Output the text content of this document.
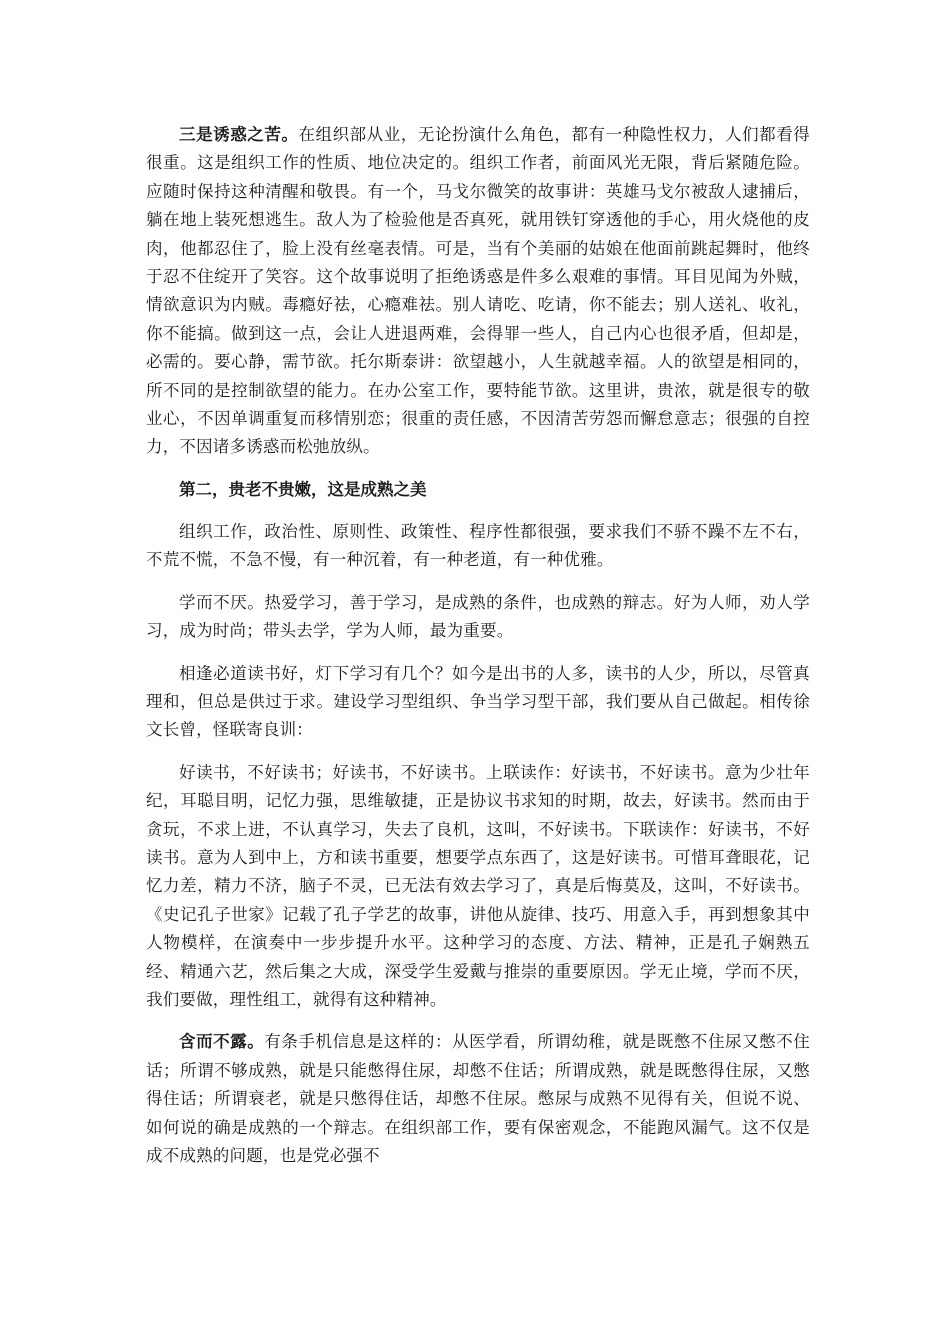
三是诱惑之苦。在组织部从业，无论扮演什么角色，都有一种隐性权力，人们都看得很重。这是组织工作的性质、地位决定的。组织工作者，前面风光无限，背后紧随危险。应随时保持这种清醒和敬畏。有一个，马戈尔微笑的故事讲：英雄马戈尔被敌人逮捕后，躺在地上装死想逃生。敌人为了检验他是否真死，就用铁钉穿透他的手心，用火烧他的皮肉，他都忍住了，脸上没有丝毫表情。可是，当有个美丽的姑娘在他面前跳起舞时，他终于忍不住绽开了笑容。这个故事说明了拒绝诱惑是件多么艰难的事情。耳目见闻为外贼，情欲意识为内贼。毒瘾好祛，心瘾难祛。别人请吃、吃请，你不能去；别人送礼、收礼，你不能搞。做到这一点，会让人进退两难，会得罪一些人，自己内心也很矛盾，但却是，必需的。要心静，需节欲。托尔斯泰讲：欲望越小，人生就越幸福。人的欲望是相同的，所不同的是控制欲望的能力。在办公室工作，要特能节欲。这里讲，贵浓，就是很专的敬业心，不因单调重复而移情别恋；很重的责任感，不因清苦劳怨而懈怠意志；很强的自控力，不因诸多诱惑而松弛放纵。

第二，贵老不贵嫩，这是成熟之美

组织工作，政治性、原则性、政策性、程序性都很强，要求我们不骄不躁不左不右，不荒不慌，不急不慢，有一种沉着，有一种老道，有一种优雅。

学而不厌。热爱学习，善于学习，是成熟的条件，也成熟的辩志。好为人师，劝人学习，成为时尚；带头去学，学为人师，最为重要。

相逢必道读书好，灯下学习有几个？如今是出书的人多，读书的人少，所以，尽管真理和，但总是供过于求。建设学习型组织、争当学习型干部，我们要从自己做起。相传徐文长曾，怪联寄良训：

好读书，不好读书；好读书，不好读书。上联读作：好读书，不好读书。意为少壮年纪，耳聪目明，记忆力强，思维敏捷，正是协议书求知的时期，故去，好读书。然而由于贪玩，不求上进，不认真学习，失去了良机，这叫，不好读书。下联读作：好读书，不好读书。意为人到中上，方和读书重要，想要学点东西了，这是好读书。可惜耳聋眼花，记忆力差，精力不济，脑子不灵，已无法有效去学习了，真是后悔莫及，这叫，不好读书。《史记孔子世家》记载了孔子学艺的故事，讲他从旋律、技巧、用意入手，再到想象其中人物模样，在演奏中一步步提升水平。这种学习的态度、方法、精神，正是孔子娴熟五经、精通六艺，然后集之大成，深受学生爱戴与推崇的重要原因。学无止境，学而不厌，我们要做，理性组工，就得有这种精神。

含而不露。有条手机信息是这样的：从医学看，所谓幼稚，就是既憋不住尿又憋不住话；所谓不够成熟，就是只能憋得住尿，却憋不住话；所谓成熟，就是既憋得住尿，又憋得住话；所谓衰老，就是只憋得住话，却憋不住尿。憋尿与成熟不见得有关，但说不说、如何说的确是成熟的一个辩志。在组织部工作，要有保密观念，不能跑风漏气。这不仅是成不成熟的问题，也是党必强不
